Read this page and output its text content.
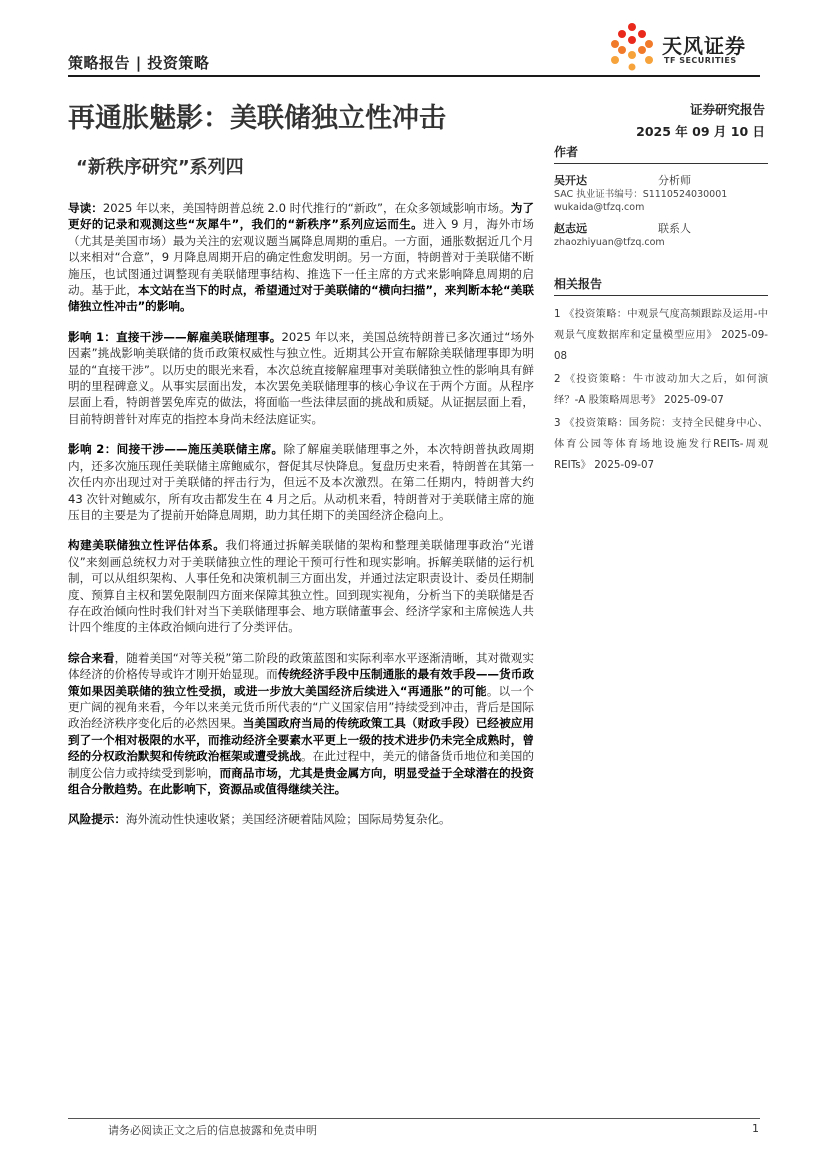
策略报告 | 投资策略
天风证券
TF SECURITIES
再通胀魅影：美联储独立性冲击	证券研究报告
2025 年 09 月 10 日
“新秩序研究”系列四

导读：2025 年以来，美国特朗普总统 2.0 时代推行的“新政”，在众多领域影响市场。为了更好的记录和观测这些“灰犀牛”，我们的“新秩序”系列应运而生。进入 9 月，海外市场（尤其是美国市场）最为关注的宏观议题当属降息周期的重启。一方面，通胀数据近几个月以来相对“合意”，9 月降息周期开启的确定性愈发明朗。另一方面，特朗普对于美联储不断施压，也试图通过调整现有美联储理事结构、推选下一任主席的方式来影响降息周期的启动。基于此，本文站在当下的时点，希望通过对于美联储的“横向扫描”，来判断本轮“美联储独立性冲击”的影响。

影响 1：直接干涉——解雇美联储理事。2025 年以来，美国总统特朗普已多次通过“场外因素”挑战影响美联储的货币政策权威性与独立性。近期其公开宣布解除美联储理事即为明显的“直接干涉”。以历史的眼光来看，本次总统直接解雇理事对美联储独立性的影响具有鲜明的里程碑意义。从事实层面出发，本次罢免美联储理事的核心争议在于两个方面。从程序层面上看，特朗普罢免库克的做法，将面临一些法律层面的挑战和质疑。从证据层面上看，目前特朗普针对库克的指控本身尚未经法庭证实。

影响 2：间接干涉——施压美联储主席。除了解雇美联储理事之外，本次特朗普执政周期内，还多次施压现任美联储主席鲍威尔，督促其尽快降息。复盘历史来看，特朗普在其第一次任内亦出现过对于美联储的抨击行为，但远不及本次激烈。在第二任期内，特朗普大约 43 次针对鲍威尔，所有攻击都发生在 4 月之后。从动机来看，特朗普对于美联储主席的施压目的主要是为了提前开始降息周期，助力其任期下的美国经济企稳向上。

构建美联储独立性评估体系。我们将通过拆解美联储的架构和整理美联储理事政治“光谱仪”来刻画总统权力对于美联储独立性的理论干预可行性和现实影响。拆解美联储的运行机制，可以从组织架构、人事任免和决策机制三方面出发，并通过法定职责设计、委员任期制度、预算自主权和罢免限制四方面来保障其独立性。回到现实视角，分析当下的美联储是否存在政治倾向性时我们针对当下美联储理事会、地方联储董事会、经济学家和主席候选人共计四个维度的主体政治倾向进行了分类评估。

综合来看，随着美国“对等关税”第二阶段的政策蓝图和实际利率水平逐渐清晰，其对微观实体经济的价格传导或许才刚开始显现。而传统经济手段中压制通胀的最有效手段——货币政策如果因美联储的独立性受损，或进一步放大美国经济后续进入“再通胀”的可能。以一个更广阔的视角来看，今年以来美元货币所代表的“广义国家信用”持续受到冲击，背后是国际政治经济秩序变化后的必然因果。当美国政府当局的传统政策工具（财政手段）已经被应用到了一个相对极限的水平，而推动经济全要素水平更上一级的技术进步仍未完全成熟时，曾经的分权政治默契和传统政治框架或遭受挑战。在此过程中，美元的储备货币地位和美国的制度公信力或持续受到影响，而商品市场，尤其是贵金属方向，明显受益于全球潜在的投资组合分散趋势。在此影响下，资源品或值得继续关注。

风险提示：海外流动性快速收紧；美国经济硬着陆风险；国际局势复杂化。

作者
吴开达	分析师
SAC 执业证书编号：S1110524030001
wukaida@tfzq.com
赵志远	联系人
zhaozhiyuan@tfzq.com
相关报告
1 《投资策略：中观景气度高频跟踪及运用-中观景气度数据库和定量模型应用》 2025-09-08
2 《投资策略：牛市波动加大之后，如何演绎？-A 股策略周思考》 2025-09-07
3 《投资策略：国务院：支持全民健身中心、体育公园等体育场地设施发行REITs-周观 REITs》 2025-09-07
请务必阅读正文之后的信息披露和免责申明	1
